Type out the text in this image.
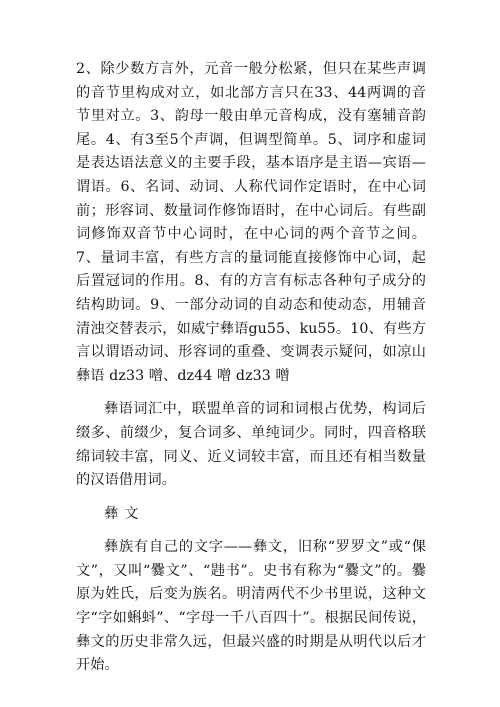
2、除少数方言外，元音一般分松紧，但只在某些声调的音节里构成对立，如北部方言只在33、44两调的音节里对立。3、韵母一般由单元音构成，没有塞辅音韵尾。4、有3至5个声调，但调型简单。5、词序和虚词是表达语法意义的主要手段，基本语序是主语—宾语—谓语。6、名词、动词、人称代词作定语时，在中心词前；形容词、数量词作修饰语时，在中心词后。有些副词修饰双音节中心词时，在中心词的两个音节之间。7、量词丰富，有些方言的量词能直接修饰中心词，起后置冠词的作用。8、有的方言有标志各种句子成分的结构助词。9、一部分动词的自动态和使动态，用辅音清浊交替表示，如威宁彝语gu55、ku55。10、有些方言以谓语动词、形容词的重叠、变调表示疑问，如凉山彝语 dz33 噌、dz44 噌 dz33 噌

彝语词汇中，联盟单音的词和词根占优势，构词后缀多、前缀少，复合词多、单纯词少。同时，四音格联绵词较丰富，同义、近义词较丰富，而且还有相当数量的汉语借用词。

彝文

彝族有自己的文字——彝文，旧称“罗罗文”或“倮文”，又叫“爨文”、“韪书”。史书有称为“爨文”的。爨原为姓氏，后变为族名。明清两代不少书里说，这种文字“字如蝌蚪”、“字母一千八百四十”。根据民间传说，彝文的历史非常久远，但最兴盛的时期是从明代以后才开始。
